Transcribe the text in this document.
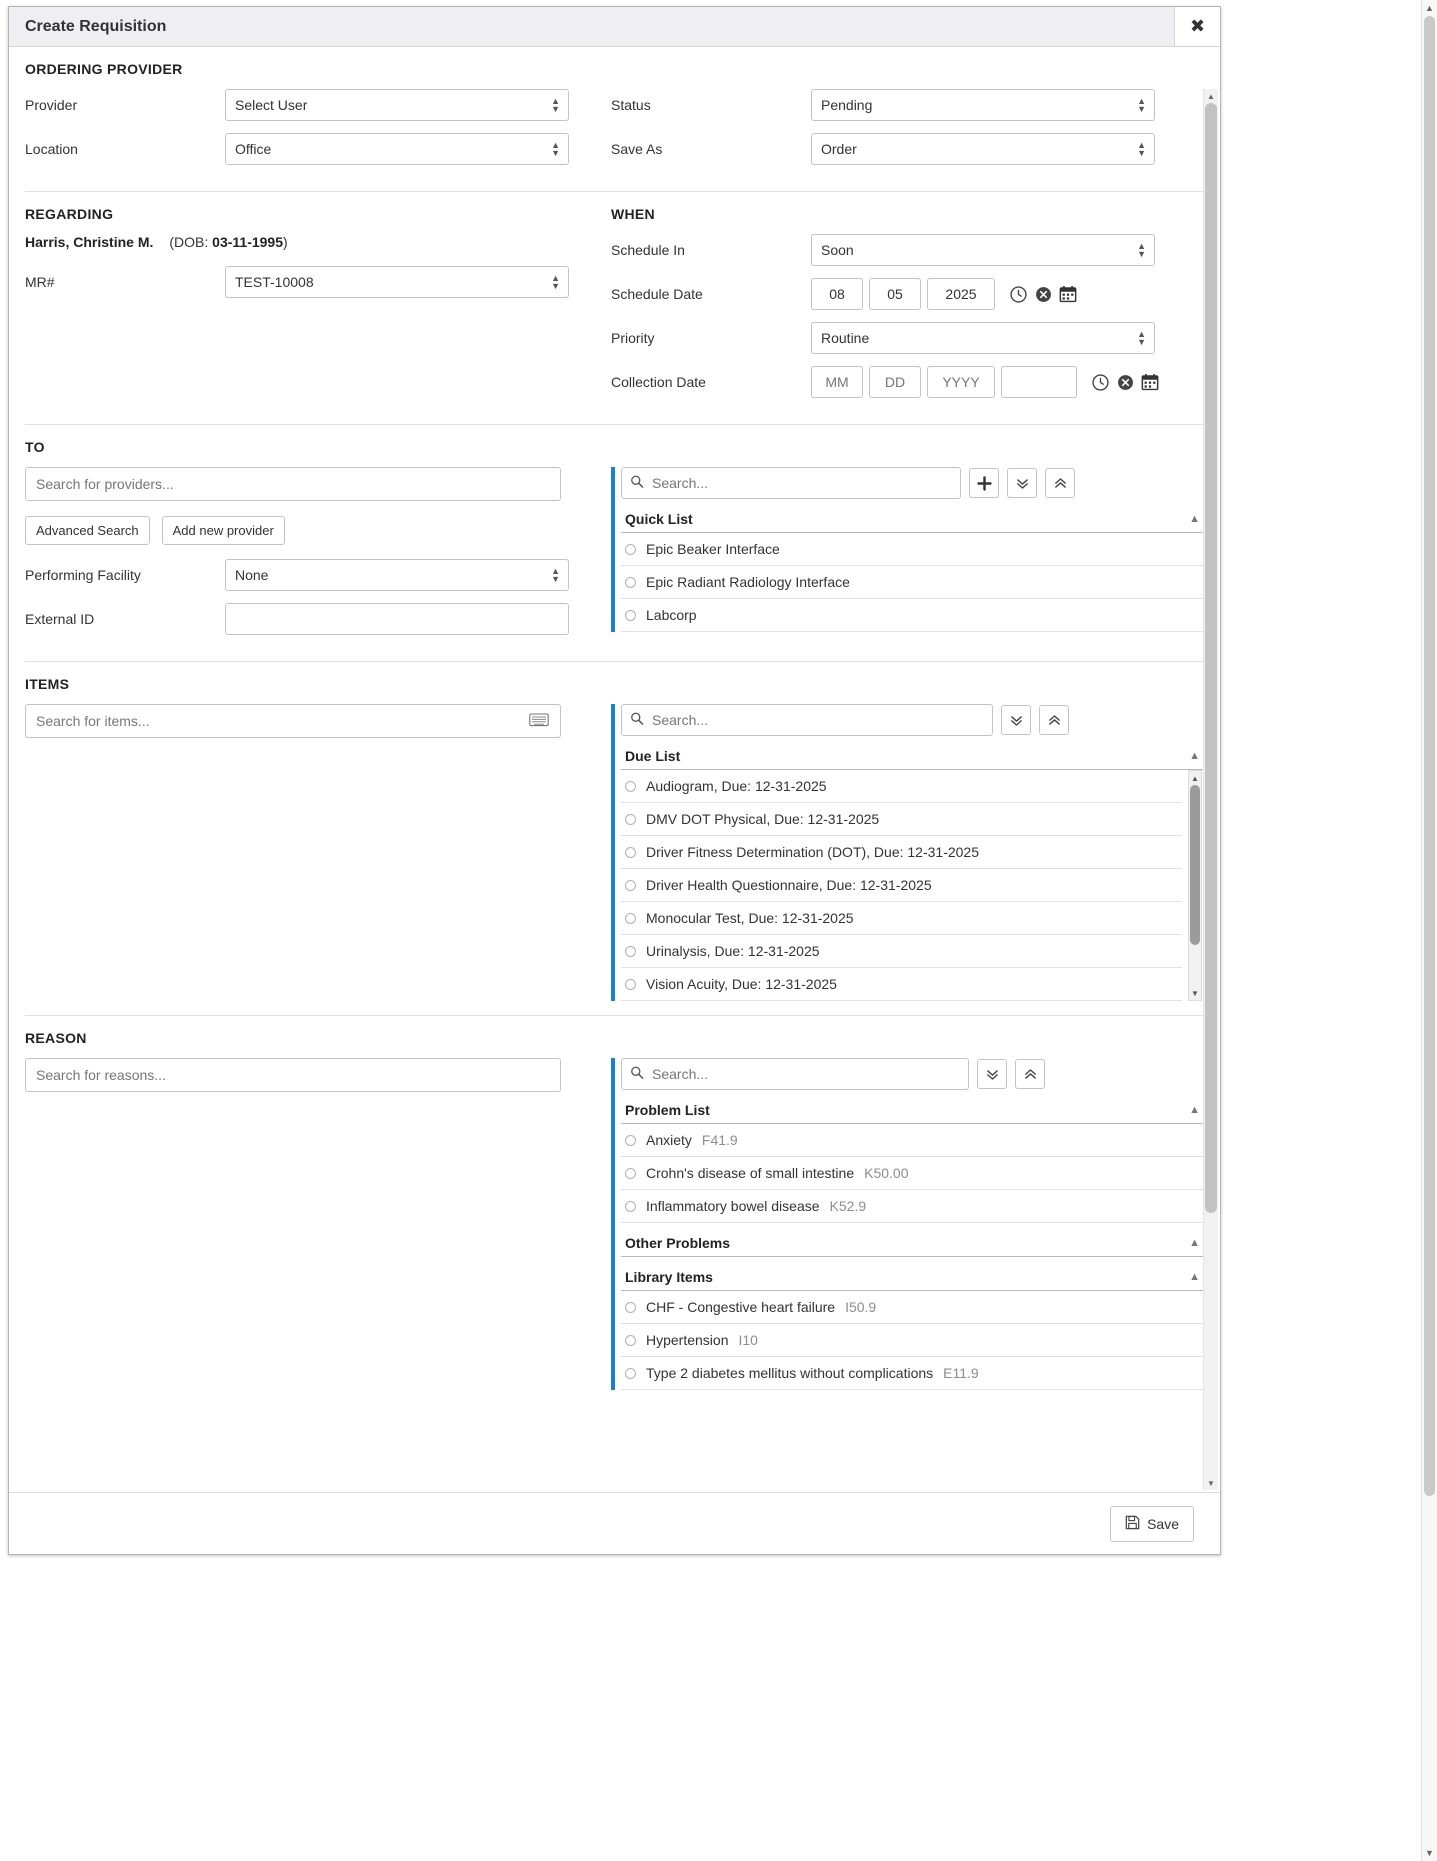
Create Requisition	✖
ORDERING PROVIDER
Provider	Select User	▲
▼
Location	Office	▲
▼
Status	Pending	▲
▼
Save As	Order	▲
▼
REGARDING
Harris, Christine M. (DOB: 03-11-1995)
MR#	TEST-10008	▲
▼
WHEN
Schedule In	Soon	▲
▼
Schedule Date
08
05
2025
Priority	Routine	▲
▼
Collection Date
MM
DD
YYYY
TO
Search for providers...
Advanced Search	Add new provider
Performing Facility	None	▲
▼
External ID
Search...
Quick List	▲
Epic Beaker Interface
Epic Radiant Radiology Interface
Labcorp
ITEMS
Search for items...
Search...
Due List	▲
Audiogram, Due: 12-31-2025
DMV DOT Physical, Due: 12-31-2025
Driver Fitness Determination (DOT), Due: 12-31-2025
Driver Health Questionnaire, Due: 12-31-2025
Monocular Test, Due: 12-31-2025
Urinalysis, Due: 12-31-2025
Vision Acuity, Due: 12-31-2025
▲
▼
REASON
Search for reasons...
Search...
Problem List	▲
Anxiety F41.9
Crohn's disease of small intestine K50.00
Inflammatory bowel disease K52.9
Other Problems	▲
Library Items	▲
CHF - Congestive heart failure I50.9
Hypertension I10
Type 2 diabetes mellitus without complications E11.9
▲
▼
Save
▲
▼
